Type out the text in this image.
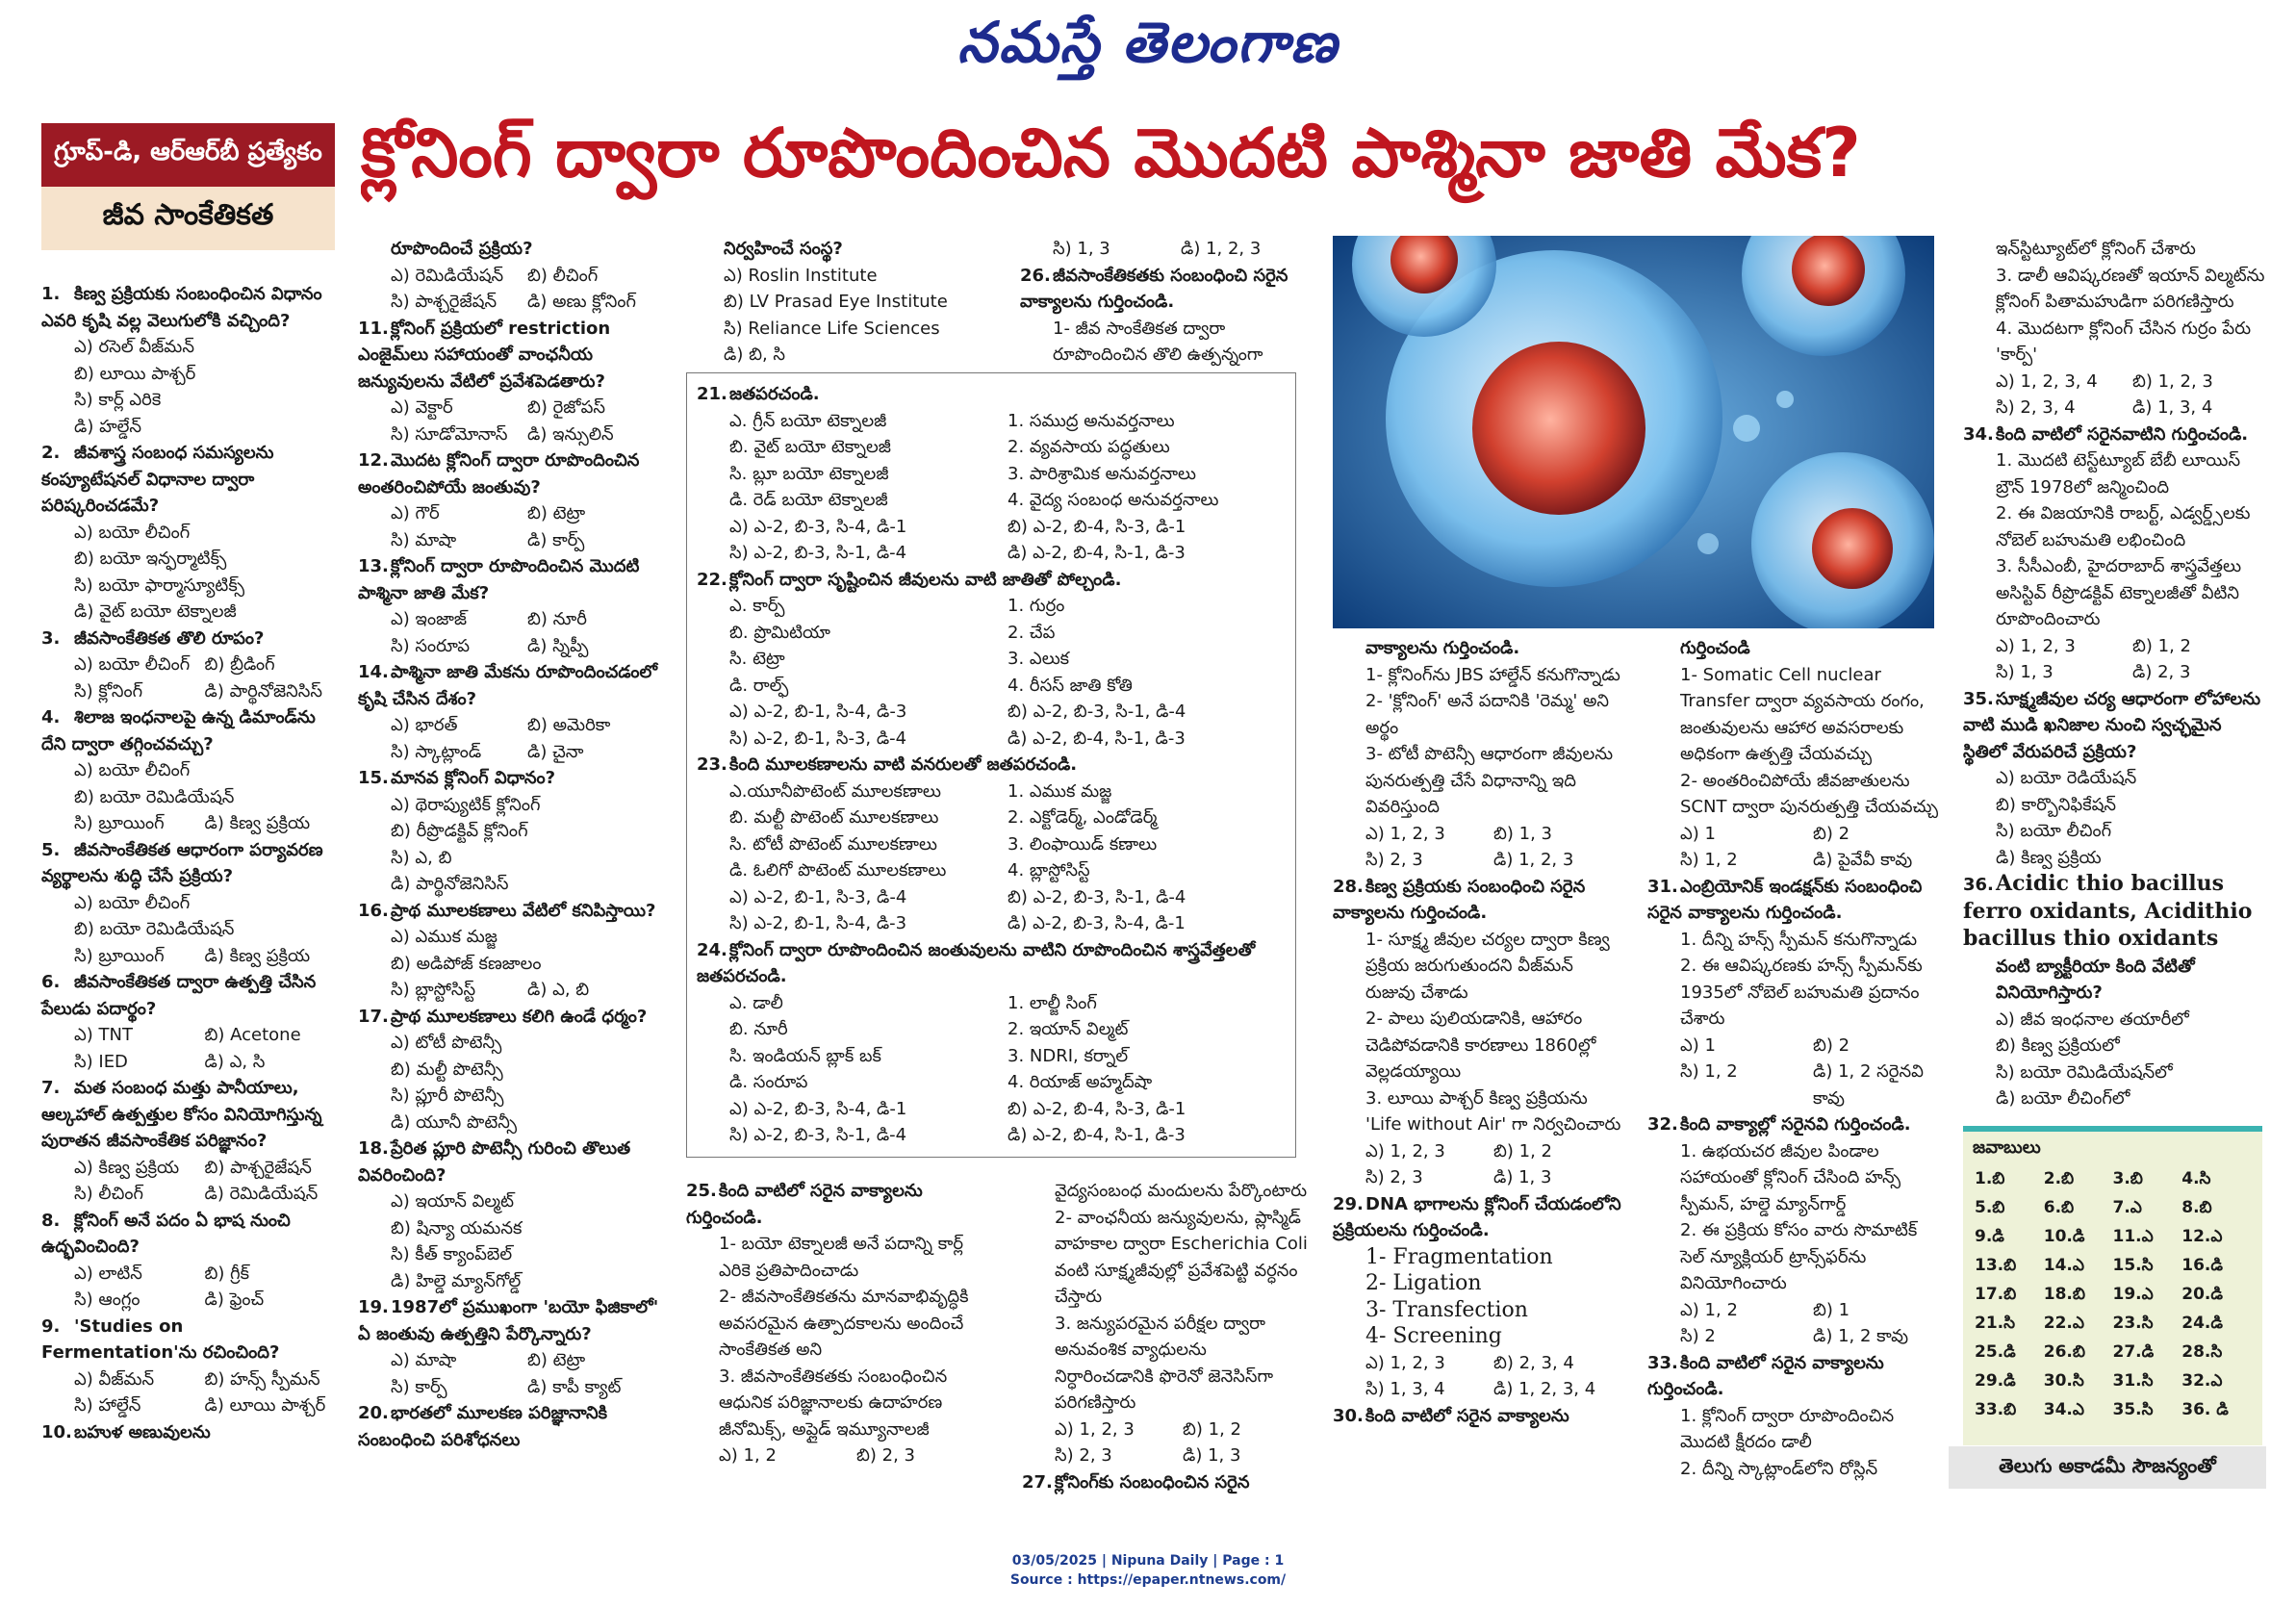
నమస్తే తెలంగాణ
గ్రూప్‌-డి, ఆర్‌ఆర్‌బీ ప్రత్యేకం
జీవ సాంకేతికత
క్లోనింగ్‌ ద్వారా రూపొందించిన మొదటి పాశ్మినా జాతి మేక?

1. కిణ్వ ప్రక్రియకు సంబంధించిన విధానం ఎవరి కృషి వల్ల వెలుగులోకి వచ్చింది?

ఎ) రసెల్‌ వీజ్‌మన్‌
బి) లూయి పాశ్చర్‌
సి) కార్ల్‌ ఎరికె
డి) హల్డేన్‌

2. జీవశాస్త్ర సంబంధ సమస్యలను కంప్యూటేషనల్‌ విధానాల ద్వారా పరిష్కరించడమే?

ఎ) బయో లీచింగ్‌
బి) బయో ఇన్ఫర్మాటిక్స్‌
సి) బయో ఫార్మాస్యూటిక్స్‌
డి) వైట్‌ బయో టెక్నాలజీ

3. జీవసాంకేతికత తొలి రూపం?

ఎ) బయో లీచింగ్‌ బి) బ్రీడింగ్‌
సి) క్లోనింగ్‌	డి) పార్థినోజెనిసిస్‌

4. శిలాజ ఇంధనాలపై ఉన్న డిమాండ్‌ను దేని ద్వారా తగ్గించవచ్చు?

ఎ) బయో లీచింగ్‌
బి) బయో రెమిడియేషన్‌
సి) బ్రూయింగ్‌	డి) కిణ్వ ప్రక్రియ

5. జీవసాంకేతికత ఆధారంగా పర్యావరణ వ్యర్థాలను శుద్ధి చేసే ప్రక్రియ?

ఎ) బయో లీచింగ్‌
బి) బయో రెమిడియేషన్‌
సి) బ్రూయింగ్‌	డి) కిణ్వ ప్రక్రియ

6. జీవసాంకేతికత ద్వారా ఉత్పత్తి చేసిన పేలుడు పదార్థం?

ఎ) TNT	బి) Acetone
సి) IED	డి) ఎ, సి

7. మత సంబంధ మత్తు పానీయాలు, ఆల్కహాల్‌ ఉత్పత్తుల కోసం వినియోగిస్తున్న పురాతన జీవసాంకేతిక పరిజ్ఞానం?

ఎ) కిణ్వ ప్రక్రియ	బి) పాశ్చరైజేషన్‌
సి) లీచింగ్‌	డి) రెమిడియేషన్‌

8. క్లోనింగ్‌ అనే పదం ఏ భాష నుంచి ఉద్భవించింది?

ఎ) లాటిన్‌	బి) గ్రీక్‌
సి) ఆంగ్లం	డి) ఫ్రెంచ్‌

9. 'Studies on Fermentation'ను రచించింది?

ఎ) వీజ్‌మన్‌	బి) హన్స్‌ స్పీమన్‌
సి) హాల్డేన్‌	డి) లూయి పాశ్చర్‌

10. బహుళ అణువులను

రూపొందించే ప్రక్రియ?

ఎ) రెమిడియేషన్‌	బి) లీచింగ్‌
సి) పాశ్చరైజేషన్‌	డి) అణు క్లోనింగ్‌

11. క్లోనింగ్‌ ప్రక్రియలో restriction ఎంజైమ్‌లు సహాయంతో వాంఛనీయ జన్యువులను వేటిలో ప్రవేశపెడతారు?

ఎ) వెక్టార్‌	బి) రైజోపస్‌
సి) సూడోమోనాస్‌	డి) ఇన్సులిన్‌

12. మొదట క్లోనింగ్‌ ద్వారా రూపొందించిన అంతరించిపోయే జంతువు?

ఎ) గౌర్‌	బి) టెట్రా
సి) మాషా	డి) కార్ప్‌

13. క్లోనింగ్‌ ద్వారా రూపొందించిన మొదటి పాశ్మినా జాతి మేక?

ఎ) ఇంజాజ్‌	బి) నూరీ
సి) సంరూప	డి) స్నిప్పీ

14. పాశ్మినా జాతి మేకను రూపొందించడంలో కృషి చేసిన దేశం?

ఎ) భారత్‌	బి) అమెరికా
సి) స్కాట్లాండ్‌	డి) చైనా

15. మానవ క్లోనింగ్‌ విధానం?

ఎ) థెరాప్యుటిక్‌ క్లోనింగ్‌
బి) రీప్రొడక్టివ్‌ క్లోనింగ్‌
సి) ఎ, బి
డి) పార్థినోజెనిసిస్‌

16. ప్రాథ మూలకణాలు వేటిలో కనిపిస్తాయి?

ఎ) ఎముక మజ్జ
బి) అడిపోజ్‌ కణజాలం
సి) బ్లాస్టోసిస్ట్‌	డి) ఎ, బి

17. ప్రాథ మూలకణాలు కలిగి ఉండే ధర్మం?

ఎ) టోటీ పొటెన్సీ
బి) మల్టీ పొటెన్సీ
సి) ప్లూరీ పొటెన్సీ
డి) యూనీ పొటెన్సీ

18. ప్రేరిత ప్లూరి పొటెన్సీ గురించి తొలుత వివరించింది?

ఎ) ఇయాన్‌ విల్మట్‌
బి) షిన్యా యమనక
సి) కీత్‌ క్యాంప్‌బెల్‌
డి) హిల్డె మ్యాన్‌గోల్డ్‌

19. 1987లో ప్రముఖంగా 'బయో ఫిజికాలో' ఏ జంతువు ఉత్పత్తిని పేర్కొన్నారు?

ఎ) మాషా	బి) టెట్రా
సి) కార్ప్‌	డి) కాపీ క్యాట్‌

20. భారతలో మూలకణ పరిజ్ఞానానికి సంబంధించి పరిశోధనలు

నిర్వహించే సంస్థ?

ఎ) Roslin Institute
బి) LV Prasad Eye Institute
సి) Reliance Life Sciences
డి) బి, సి
సి) 1, 3	డి) 1, 2, 3

26. జీవసాంకేతికతకు సంబంధించి సరైన వాక్యాలను గుర్తించండి.

1- జీవ సాంకేతికత ద్వారా రూపొందించిన తొలి ఉత్పన్నంగా

21. జతపరచండి.

ఎ. గ్రీన్‌ బయో టెక్నాలజీ	1. సముద్ర అనువర్తనాలు
బి. వైట్‌ బయో టెక్నాలజీ	2. వ్యవసాయ పద్ధతులు
సి. బ్లూ బయో టెక్నాలజీ	3. పారిశ్రామిక అనువర్తనాలు
డి. రెడ్‌ బయో టెక్నాలజీ	4. వైద్య సంబంధ అనువర్తనాలు
ఎ) ఎ-2, బి-3, సి-4, డి-1	బి) ఎ-2, బి-4, సి-3, డి-1
సి) ఎ-2, బి-3, సి-1, డి-4	డి) ఎ-2, బి-4, సి-1, డి-3

22. క్లోనింగ్‌ ద్వారా సృష్టించిన జీవులను వాటి జాతితో పోల్చండి.

ఎ. కార్ప్‌	1. గుర్రం
బి. ప్రొమిటియా	2. చేప
సి. టెట్రా	3. ఎలుక
డి. రాల్ఫ్‌	4. రీసస్‌ జాతి కోతి
ఎ) ఎ-2, బి-1, సి-4, డి-3	బి) ఎ-2, బి-3, సి-1, డి-4
సి) ఎ-2, బి-1, సి-3, డి-4	డి) ఎ-2, బి-4, సి-1, డి-3

23. కింది మూలకణాలను వాటి వనరులతో జతపరచండి.

ఎ.యూనీపొటెంట్‌ మూలకణాలు	1. ఎముక మజ్జ
బి. మల్టీ పొటెంట్‌ మూలకణాలు	2. ఎక్టోడెర్మ్‌, ఎండోడెర్మ్‌
సి. టోటీ పొటెంట్‌ మూలకణాలు	3. లింఫాయిడ్‌ కణాలు
డి. ఓలిగో పొటెంట్‌ మూలకణాలు	4. బ్లాస్టోసిస్ట్‌
ఎ) ఎ-2, బి-1, సి-3, డి-4	బి) ఎ-2, బి-3, సి-1, డి-4
సి) ఎ-2, బి-1, సి-4, డి-3	డి) ఎ-2, బి-3, సి-4, డి-1

24. క్లోనింగ్‌ ద్వారా రూపొందించిన జంతువులను వాటిని రూపొందించిన శాస్త్రవేత్తలతో జతపరచండి.

ఎ. డాలీ	1. లాల్జీ సింగ్‌
బి. నూరీ	2. ఇయాన్‌ విల్మట్‌
సి. ఇండియన్‌ బ్లాక్‌ బక్‌	3. NDRI, కర్నాల్‌
డి. సంరూప	4. రియాజ్‌ అహ్మద్‌షా
ఎ) ఎ-2, బి-3, సి-4, డి-1	బి) ఎ-2, బి-4, సి-3, డి-1
సి) ఎ-2, బి-3, సి-1, డి-4	డి) ఎ-2, బి-4, సి-1, డి-3

25. కింది వాటిలో సరైన వాక్యాలను గుర్తించండి.

1- బయో టెక్నాలజీ అనే పదాన్ని కార్ల్‌ ఎరికె ప్రతిపాదించాడు
2- జీవసాంకేతికతను మానవాభివృద్ధికి అవసరమైన ఉత్పాదకాలను అందించే సాంకేతికత అని
3. జీవసాంకేతికతకు సంబంధించిన ఆధునిక పరిజ్ఞానాలకు ఉదాహరణ జీనోమిక్స్‌, అప్లైడ్‌ ఇమ్యూనాలజీ
ఎ) 1, 2	బి) 2, 3
వైద్యసంబంధ మందులను పేర్కొంటారు
2- వాంఛనీయ జన్యువులను, ప్లాస్మిడ్‌ వాహకాల ద్వారా Escherichia Coli వంటి సూక్ష్మజీవుల్లో ప్రవేశపెట్టి వర్ధనం చేస్తారు
3. జన్యుపరమైన పరీక్షల ద్వారా అనువంశిక వ్యాధులను నిర్ధారించడానికి ఫొరెనో జెనెసిస్‌గా పరిగణిస్తారు
ఎ) 1, 2, 3	బి) 1, 2
సి) 2, 3	డి) 1, 3

27. క్లోనింగ్‌కు సంబంధించిన సరైన

వాక్యాలను గుర్తించండి.

1- క్లోనింగ్‌ను JBS హాల్డేన్‌ కనుగొన్నాడు
2- 'క్లోనింగ్‌' అనే పదానికి 'రెమ్మ' అని అర్థం
3- టోటీ పొటెన్సీ ఆధారంగా జీవులను పునరుత్పత్తి చేసే విధానాన్ని ఇది వివరిస్తుంది
ఎ) 1, 2, 3	బి) 1, 3
సి) 2, 3	డి) 1, 2, 3

28. కిణ్వ ప్రక్రియకు సంబంధించి సరైన వాక్యాలను గుర్తించండి.

1- సూక్ష్మ జీవుల చర్యల ద్వారా కిణ్వ ప్రక్రియ జరుగుతుందని వీజ్‌మన్‌ రుజువు చేశాడు
2- పాలు పులియడానికి, ఆహారం చెడిపోవడానికి కారణాలు 1860ల్లో వెల్లడయ్యాయి
3. లూయి పాశ్చర్‌ కిణ్వ ప్రక్రియను 'Life without Air' గా నిర్వచించారు
ఎ) 1, 2, 3	బి) 1, 2
సి) 2, 3	డి) 1, 3

29. DNA భాగాలను క్లోనింగ్‌ చేయడంలోని ప్రక్రియలను గుర్తించండి.

1- Fragmentation
2- Ligation
3- Transfection
4- Screening
ఎ) 1, 2, 3	బి) 2, 3, 4
సి) 1, 3, 4	డి) 1, 2, 3, 4

30. కింది వాటిలో సరైన వాక్యాలను

గుర్తించండి

1- Somatic Cell nuclear Transfer ద్వారా వ్యవసాయ రంగం, జంతువులను ఆహార అవసరాలకు అధికంగా ఉత్పత్తి చేయవచ్చు
2- అంతరించిపోయే జీవజాతులను SCNT ద్వారా పునరుత్పత్తి చేయవచ్చు
ఎ) 1	బి) 2
సి) 1, 2	డి) పైవేవీ కావు

31. ఎంబ్రియోనిక్‌ ఇండక్షన్‌కు సంబంధించి సరైన వాక్యాలను గుర్తించండి.

1. దీన్ని హన్స్‌ స్పీమన్‌ కనుగొన్నాడు
2. ఈ ఆవిష్కరణకు హన్స్‌ స్పీమన్‌కు 1935లో నోబెల్‌ బహుమతి ప్రదానం చేశారు
ఎ) 1	బి) 2
సి) 1, 2	డి) 1, 2 సరైనవి కావు

32. కింది వాక్యాల్లో సరైనవి గుర్తించండి.

1. ఉభయచర జీవుల పిండాల సహాయంతో క్లోనింగ్‌ చేసింది హన్స్‌ స్పీమన్‌, హల్డె మ్యాన్‌గార్డ్‌
2. ఈ ప్రక్రియ కోసం వారు సొమాటిక్‌ సెల్‌ న్యూక్లియర్‌ ట్రాన్స్‌ఫర్‌ను వినియోగించారు
ఎ) 1, 2	బి) 1
సి) 2	డి) 1, 2 కావు

33. కింది వాటిలో సరైన వాక్యాలను గుర్తించండి.

1. క్లోనింగ్‌ ద్వారా రూపొందించిన మొదటి క్షీరదం డాలీ
2. దీన్ని స్కాట్లాండ్‌లోని రోస్లిన్‌
ఇన్‌స్టిట్యూట్‌లో క్లోనింగ్‌ చేశారు
3. డాలీ ఆవిష్కరణతో ఇయాన్‌ విల్మట్‌ను క్లోనింగ్‌ పితామహుడిగా పరిగణిస్తారు
4. మొదటగా క్లోనింగ్‌ చేసిన గుర్రం పేరు 'కార్ప్‌'
ఎ) 1, 2, 3, 4	బి) 1, 2, 3
సి) 2, 3, 4	డి) 1, 3, 4

34. కింది వాటిలో సరైనవాటిని గుర్తించండి.

1. మొదటి టెస్ట్‌ట్యూబ్‌ బేబీ లూయిస్‌ బ్రౌన్‌ 1978లో జన్మించింది
2. ఈ విజయానికి రాబర్ట్‌, ఎడ్వర్డ్స్‌లకు నోబెల్‌ బహుమతి లభించింది
3. సీసీఎంబీ, హైదరాబాద్‌ శాస్త్రవేత్తలు అసిస్టివ్‌ రీప్రొడక్టివ్‌ టెక్నాలజీతో వీటిని రూపొందించారు
ఎ) 1, 2, 3	బి) 1, 2
సి) 1, 3	డి) 2, 3

35. సూక్ష్మజీవుల చర్య ఆధారంగా లోహాలను వాటి ముడి ఖనిజాల నుంచి స్వచ్ఛమైన స్థితిలో వేరుపరిచే ప్రక్రియ?

ఎ) బయో రెడియేషన్‌
బి) కార్బొనిఫికేషన్‌
సి) బయో లీచింగ్‌
డి) కిణ్వ ప్రక్రియ

36.Acidic thio bacillus ferro oxidants, Acidithio bacillus thio oxidants

వంటి బ్యాక్టీరియా కింది వేటితో వినియోగిస్తారు?

ఎ) జీవ ఇంధనాల తయారీలో
బి) కిణ్వ ప్రక్రియలో
సి) బయో రెమిడియేషన్‌లో
డి) బయో లీచింగ్‌లో
జవాబులు
1.బి	2.బి	3.బి	4.సి
5.బి	6.బి	7.ఎ	8.బి
9.డి	10.డి	11.ఎ	12.ఎ
13.బి	14.ఎ	15.సి	16.డి
17.బి	18.బి	19.ఎ	20.డి
21.సి	22.ఎ	23.సి	24.డి
25.డి	26.బి	27.డి	28.సి
29.డి	30.సి	31.సి	32.ఎ
33.బి	34.ఎ	35.సి	36. డి
తెలుగు అకాడమీ సౌజన్యంతో
03/05/2025 | Nipuna Daily | Page : 1
Source : https://epaper.ntnews.com/
